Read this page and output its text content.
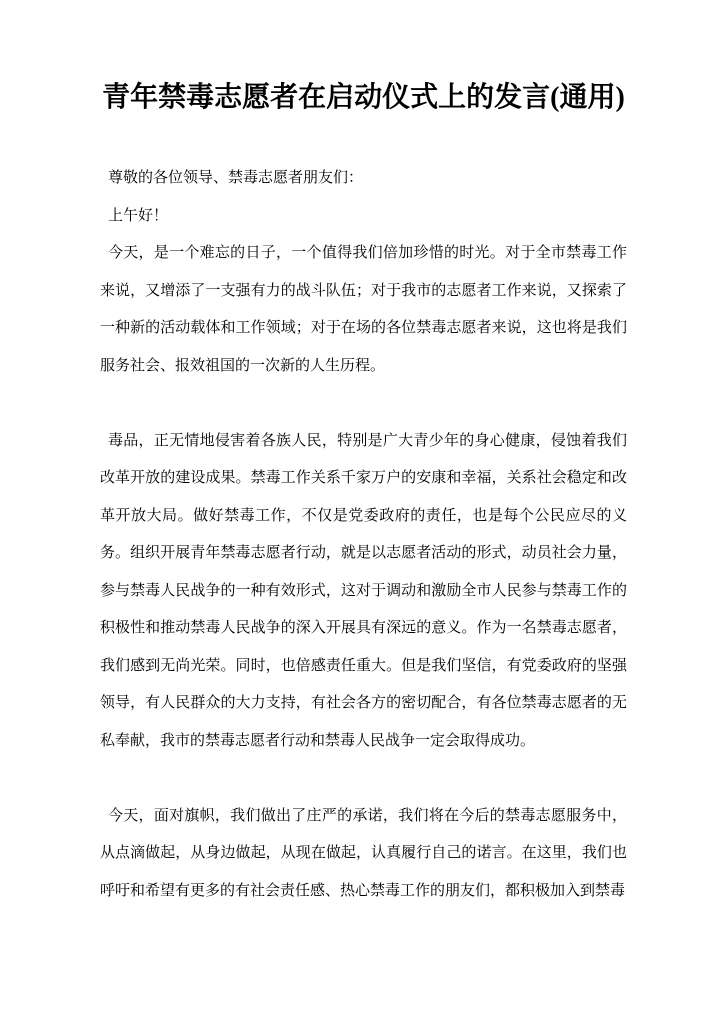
青年禁毒志愿者在启动仪式上的发言(通用)

尊敬的各位领导、禁毒志愿者朋友们：

上午好！

今天，是一个难忘的日子，一个值得我们倍加珍惜的时光。对于全市禁毒工作来说，又增添了一支强有力的战斗队伍；对于我市的志愿者工作来说，又探索了一种新的活动载体和工作领域；对于在场的各位禁毒志愿者来说，这也将是我们服务社会、报效祖国的一次新的人生历程。

毒品，正无情地侵害着各族人民，特别是广大青少年的身心健康，侵蚀着我们改革开放的建设成果。禁毒工作关系千家万户的安康和幸福，关系社会稳定和改革开放大局。做好禁毒工作，不仅是党委政府的责任，也是每个公民应尽的义务。组织开展青年禁毒志愿者行动，就是以志愿者活动的形式，动员社会力量，参与禁毒人民战争的一种有效形式，这对于调动和激励全市人民参与禁毒工作的积极性和推动禁毒人民战争的深入开展具有深远的意义。作为一名禁毒志愿者，我们感到无尚光荣。同时，也倍感责任重大。但是我们坚信，有党委政府的坚强领导，有人民群众的大力支持，有社会各方的密切配合，有各位禁毒志愿者的无私奉献，我市的禁毒志愿者行动和禁毒人民战争一定会取得成功。

今天，面对旗帜，我们做出了庄严的承诺，我们将在今后的禁毒志愿服务中，从点滴做起，从身边做起，从现在做起，认真履行自己的诺言。在这里，我们也呼吁和希望有更多的有社会责任感、热心禁毒工作的朋友们，都积极加入到禁毒
